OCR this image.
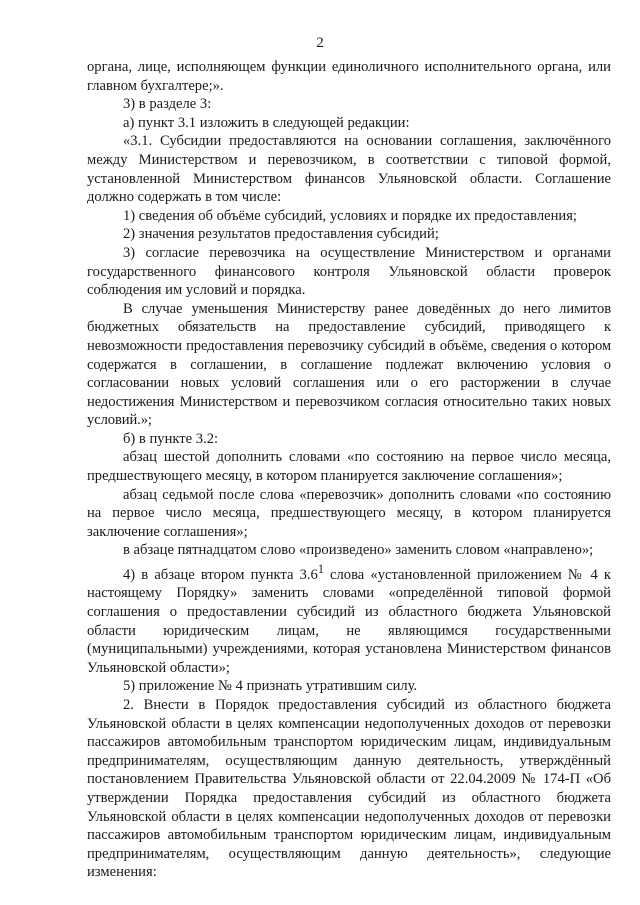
2

органа, лице, исполняющем функции единоличного исполнительного органа, или главном бухгалтере;».

3) в разделе 3:

а) пункт 3.1 изложить в следующей редакции:

«3.1. Субсидии предоставляются на основании соглашения, заключённого между Министерством и перевозчиком, в соответствии с типовой формой, установленной Министерством финансов Ульяновской области. Соглашение должно содержать в том числе:

1) сведения об объёме субсидий, условиях и порядке их предоставления;

2) значения результатов предоставления субсидий;

3) согласие перевозчика на осуществление Министерством и органами государственного финансового контроля Ульяновской области проверок соблюдения им условий и порядка.

В случае уменьшения Министерству ранее доведённых до него лимитов бюджетных обязательств на предоставление субсидий, приводящего к невозможности предоставления перевозчику субсидий в объёме, сведения о котором содержатся в соглашении, в соглашение подлежат включению условия о согласовании новых условий соглашения или о его расторжении в случае недостижения Министерством и перевозчиком согласия относительно таких новых условий.»;

б) в пункте 3.2:

абзац шестой дополнить словами «по состоянию на первое число месяца, предшествующего месяцу, в котором планируется заключение соглашения»;

абзац седьмой после слова «перевозчик» дополнить словами «по состоянию на первое число месяца, предшествующего месяцу, в котором планируется заключение соглашения»;

в абзаце пятнадцатом слово «произведено» заменить словом «направлено»;

4) в абзаце втором пункта $3.6^1$ слова «установленной приложением № 4 к настоящему Порядку» заменить словами «определённой типовой формой соглашения о предоставлении субсидий из областного бюджета Ульяновской области юридическим лицам, не являющимся государственными (муниципальными) учреждениями, которая установлена Министерством финансов Ульяновской области»;

5) приложение № 4 признать утратившим силу.

2. Внести в Порядок предоставления субсидий из областного бюджета Ульяновской области в целях компенсации недополученных доходов от перевозки пассажиров автомобильным транспортом юридическим лицам, индивидуальным предпринимателям, осуществляющим данную деятельность, утверждённый постановлением Правительства Ульяновской области от 22.04.2009 № 174-П «Об утверждении Порядка предоставления субсидий из областного бюджета Ульяновской области в целях компенсации недополученных доходов от перевозки пассажиров автомобильным транспортом юридическим лицам, индивидуальным предпринимателям, осуществляющим данную деятельность», следующие изменения:
